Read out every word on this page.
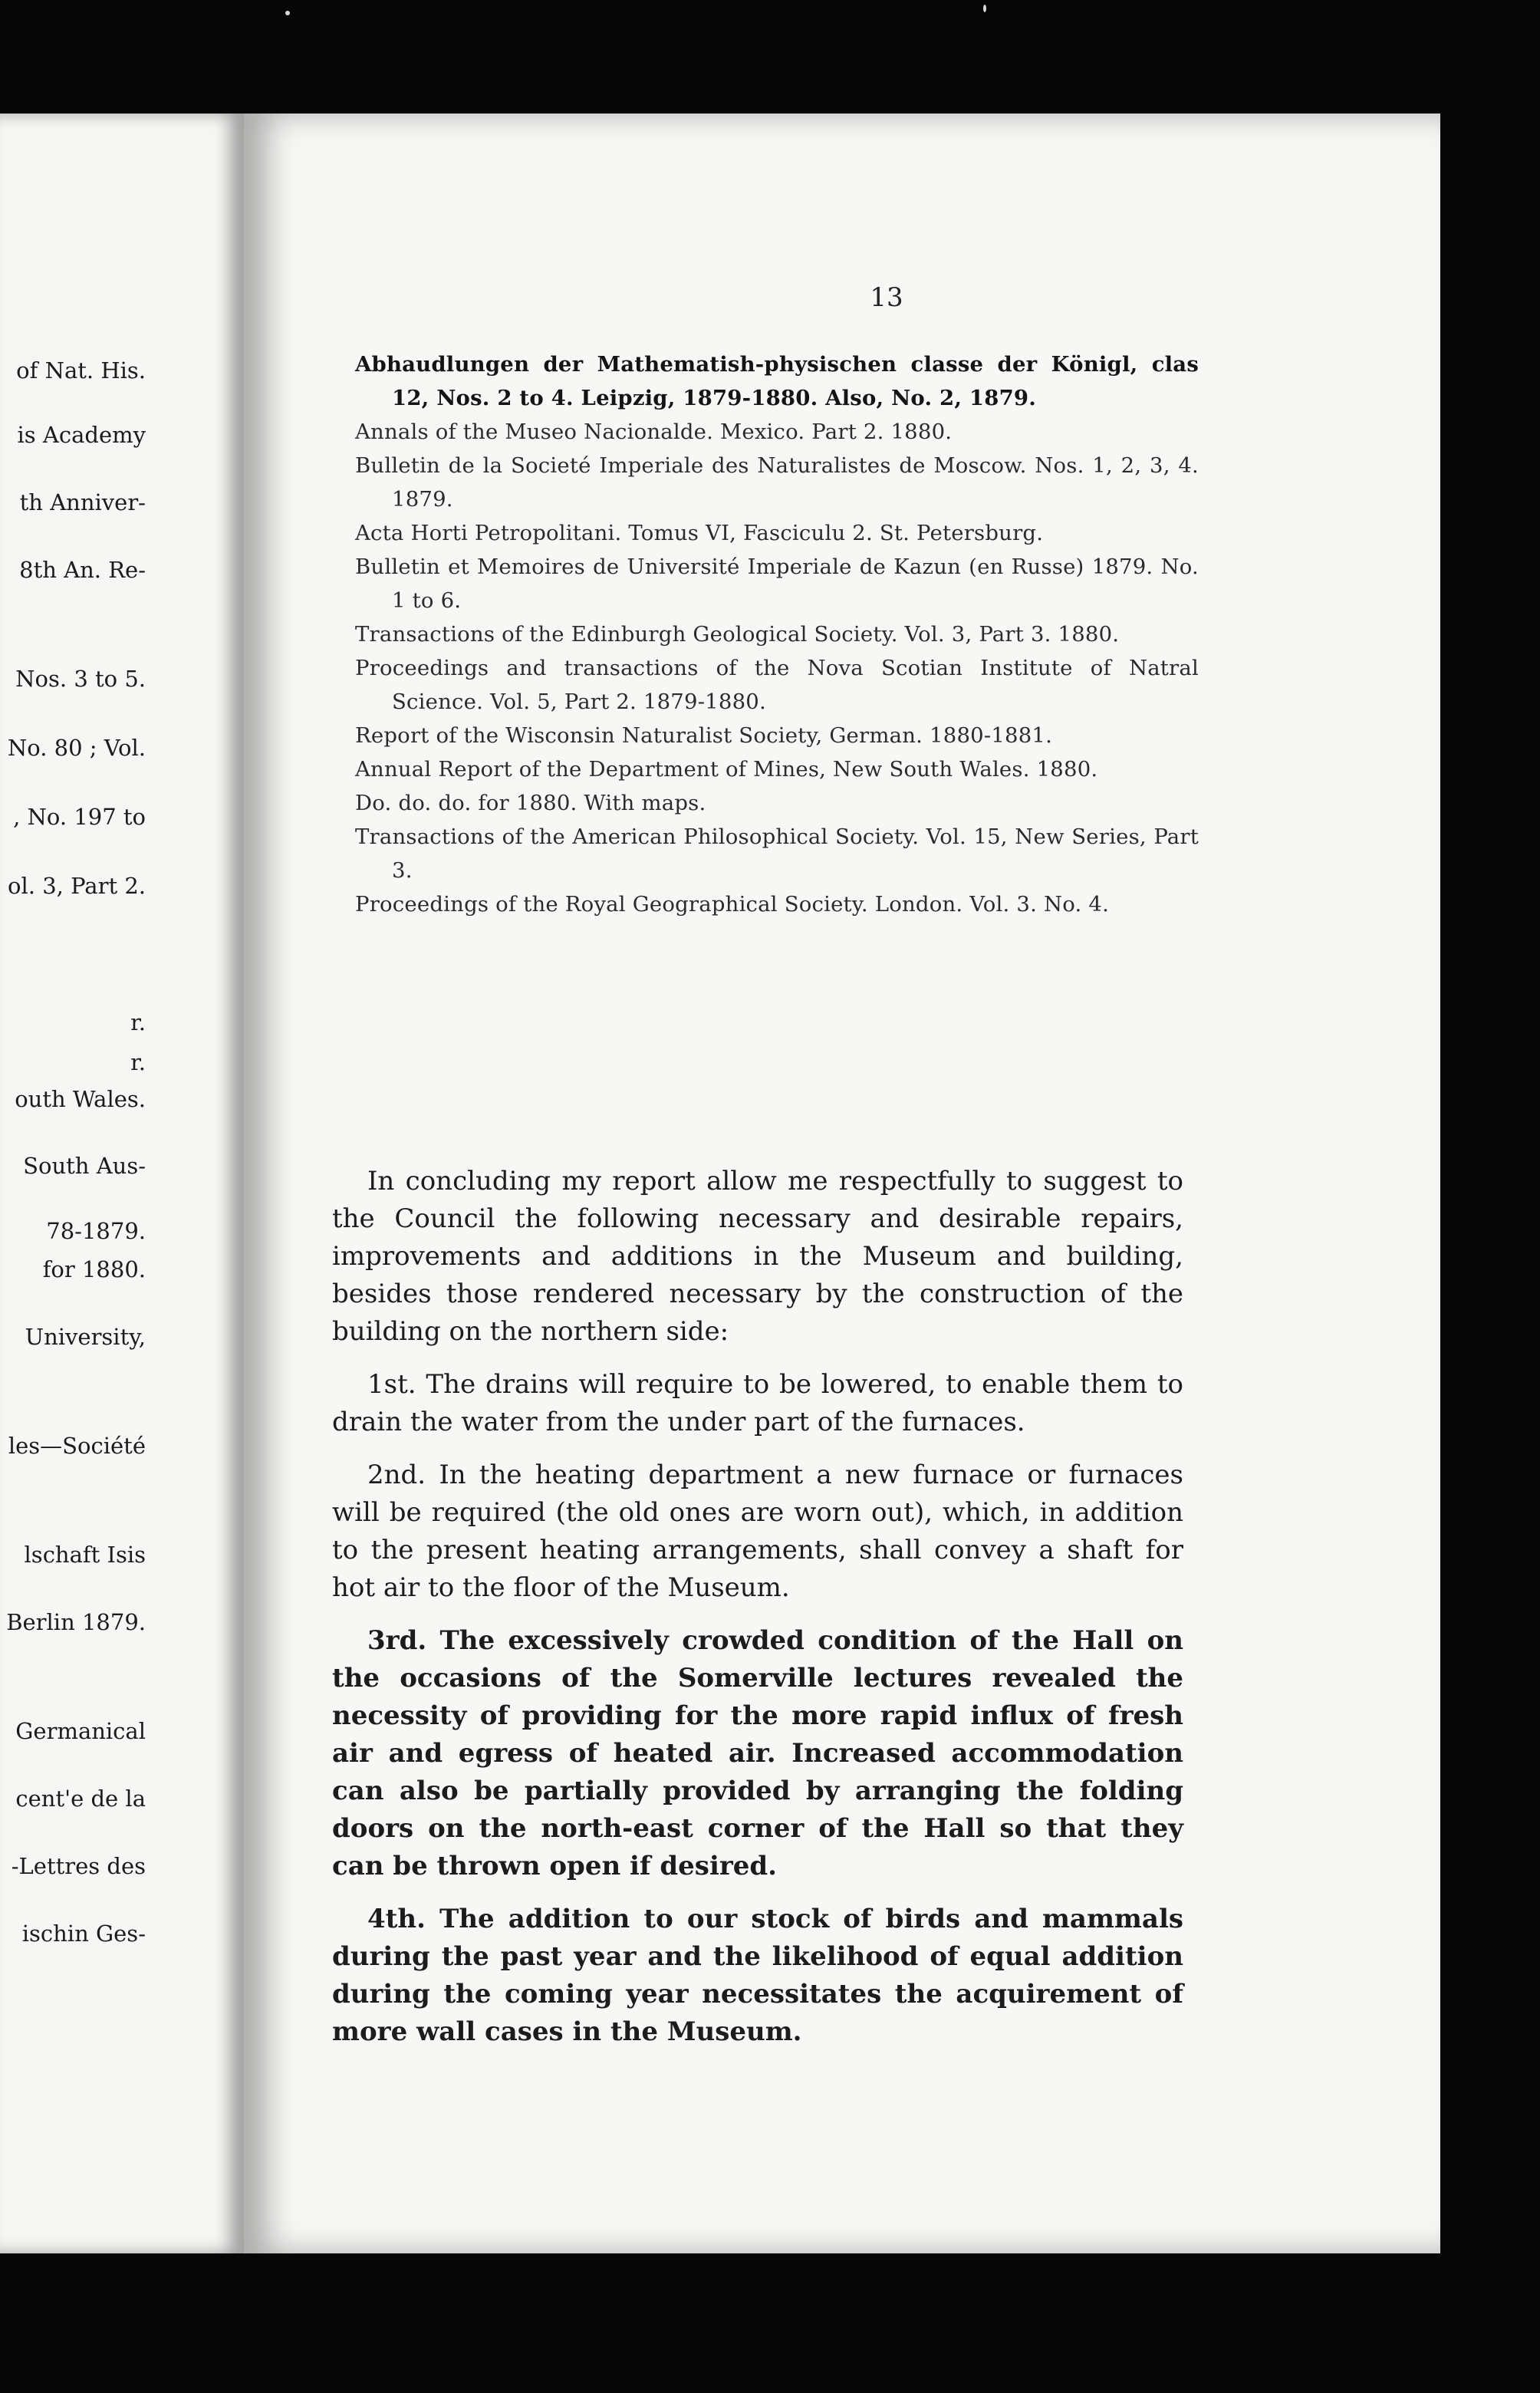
of Nat. His.
is Academy
th Anniver-
8th An. Re-
Nos. 3 to 5.
No. 80 ; Vol.
, No. 197 to
ol. 3, Part 2.
r.
r.
outh Wales.
South Aus-
78-1879.
for 1880.
University,
les—Société
lschaft Isis
Berlin 1879.
Germanical
cent'e de la
-Lettres des
ischin Ges-
13
Abhaudlungen der Mathematish-physischen classe der Königl, clas 12, Nos. 2 to 4. Leipzig, 1879-1880. Also, No. 2, 1879.
Annals of the Museo Nacionalde. Mexico. Part 2. 1880.
Bulletin de la Societé Imperiale des Naturalistes de Moscow. Nos. 1, 2, 3, 4. 1879.
Acta Horti Petropolitani. Tomus VI, Fasciculu 2. St. Petersburg.
Bulletin et Memoires de Université Imperiale de Kazun (en Russe) 1879. No. 1 to 6.
Transactions of the Edinburgh Geological Society. Vol. 3, Part 3. 1880.
Proceedings and transactions of the Nova Scotian Institute of Natral Science. Vol. 5, Part 2. 1879-1880.
Report of the Wisconsin Naturalist Society, German. 1880-1881.
Annual Report of the Department of Mines, New South Wales. 1880.
Do. do. do. for 1880. With maps.
Transactions of the American Philosophical Society. Vol. 15, New Series, Part 3.
Proceedings of the Royal Geographical Society. London. Vol. 3. No. 4.

In concluding my report allow me respectfully to suggest to the Council the following necessary and desirable repairs, improvements and additions in the Museum and building, besides those rendered necessary by the construction of the building on the northern side:

1st. The drains will require to be lowered, to enable them to drain the water from the under part of the furnaces.

2nd. In the heating department a new furnace or furnaces will be required (the old ones are worn out), which, in addition to the present heating arrangements, shall convey a shaft for hot air to the floor of the Museum.

3rd. The excessively crowded condition of the Hall on the occasions of the Somerville lectures revealed the necessity of providing for the more rapid influx of fresh air and egress of heated air. Increased accommodation can also be partially provided by arranging the folding doors on the north-east corner of the Hall so that they can be thrown open if desired.

4th. The addition to our stock of birds and mammals during the past year and the likelihood of equal addition during the coming year necessitates the acquirement of more wall cases in the Museum.
